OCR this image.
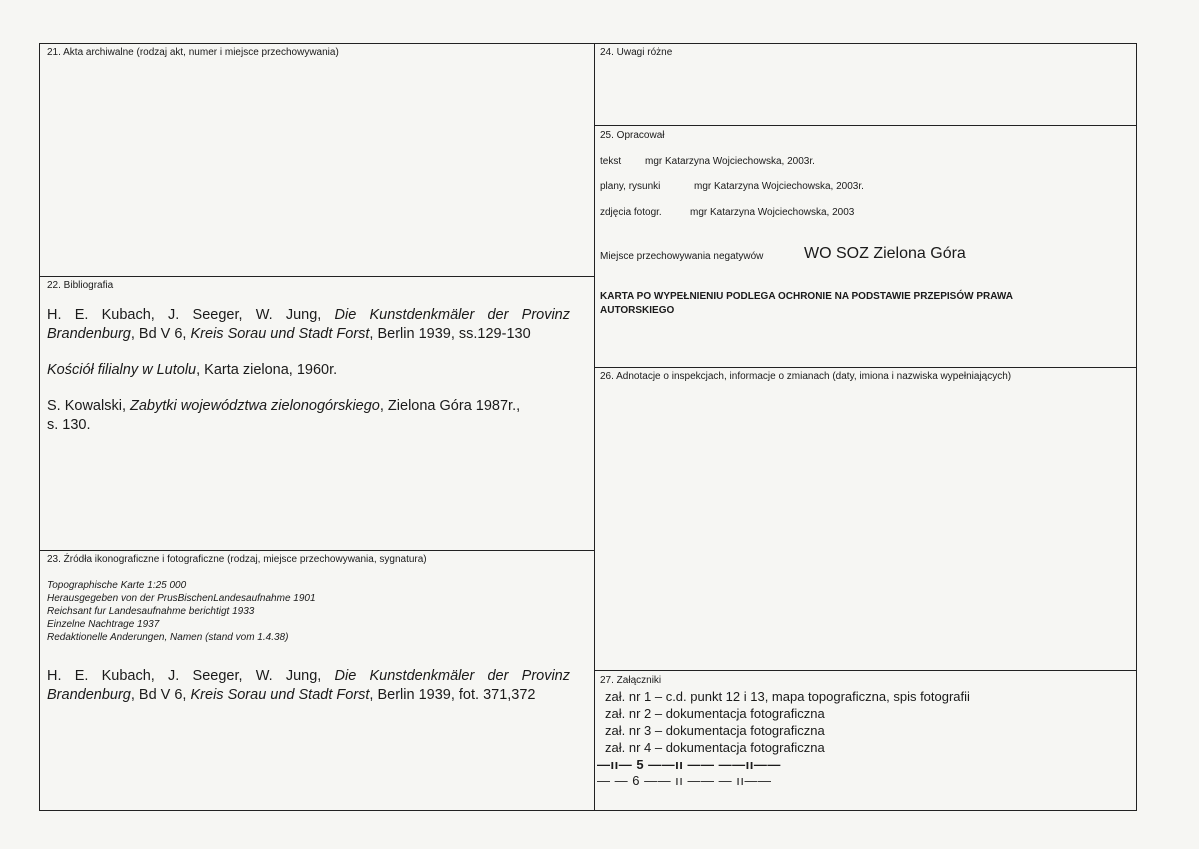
21. Akta archiwalne (rodzaj akt, numer i miejsce przechowywania)
22. Bibliografia
H. E. Kubach, J. Seeger, W. Jung, Die Kunstdenkmäler der Provinz
Brandenburg, Bd V 6, Kreis Sorau und Stadt Forst, Berlin 1939, ss.129-130
Kościół filialny w Lutolu, Karta zielona, 1960r.
S. Kowalski, Zabytki województwa zielonogórskiego, Zielona Góra 1987r.,
s. 130.
23. Źródła ikonograficzne i fotograficzne (rodzaj, miejsce przechowywania, sygnatura)
Topographische Karte 1:25 000
Herausgegeben von der PrusBischenLandesaufnahme 1901
Reichsant fur Landesaufnahme berichtigt 1933
Einzelne Nachtrage 1937
Redaktionelle Anderungen, Namen (stand vom 1.4.38)
H. E. Kubach, J. Seeger, W. Jung, Die Kunstdenkmäler der Provinz
Brandenburg, Bd V 6, Kreis Sorau und Stadt Forst, Berlin 1939, fot. 371,372
24. Uwagi różne
25. Opracował
tekst mgr Katarzyna Wojciechowska, 2003r.
plany, rysunki	mgr Katarzyna Wojciechowska, 2003r.
zdjęcia fotogr.	mgr Katarzyna Wojciechowska, 2003
Miejsce przechowywania negatywów	WO SOZ Zielona Góra
KARTA PO WYPEŁNIENIU PODLEGA OCHRONIE NA PODSTAWIE PRZEPISÓW PRAWA
AUTORSKIEGO
26. Adnotacje o inspekcjach, informacje o zmianach (daty, imiona i nazwiska wypełniających)
27. Załączniki
zał. nr 1 – c.d. punkt 12 i 13, mapa topograficzna, spis fotografii
zał. nr 2 – dokumentacja fotograficzna
zał. nr 3 – dokumentacja fotograficzna
zał. nr 4 – dokumentacja fotograficzna
—ıı— 5 ——ıı —— ——ıı——
— — 6 —— ıı —— — ıı——
